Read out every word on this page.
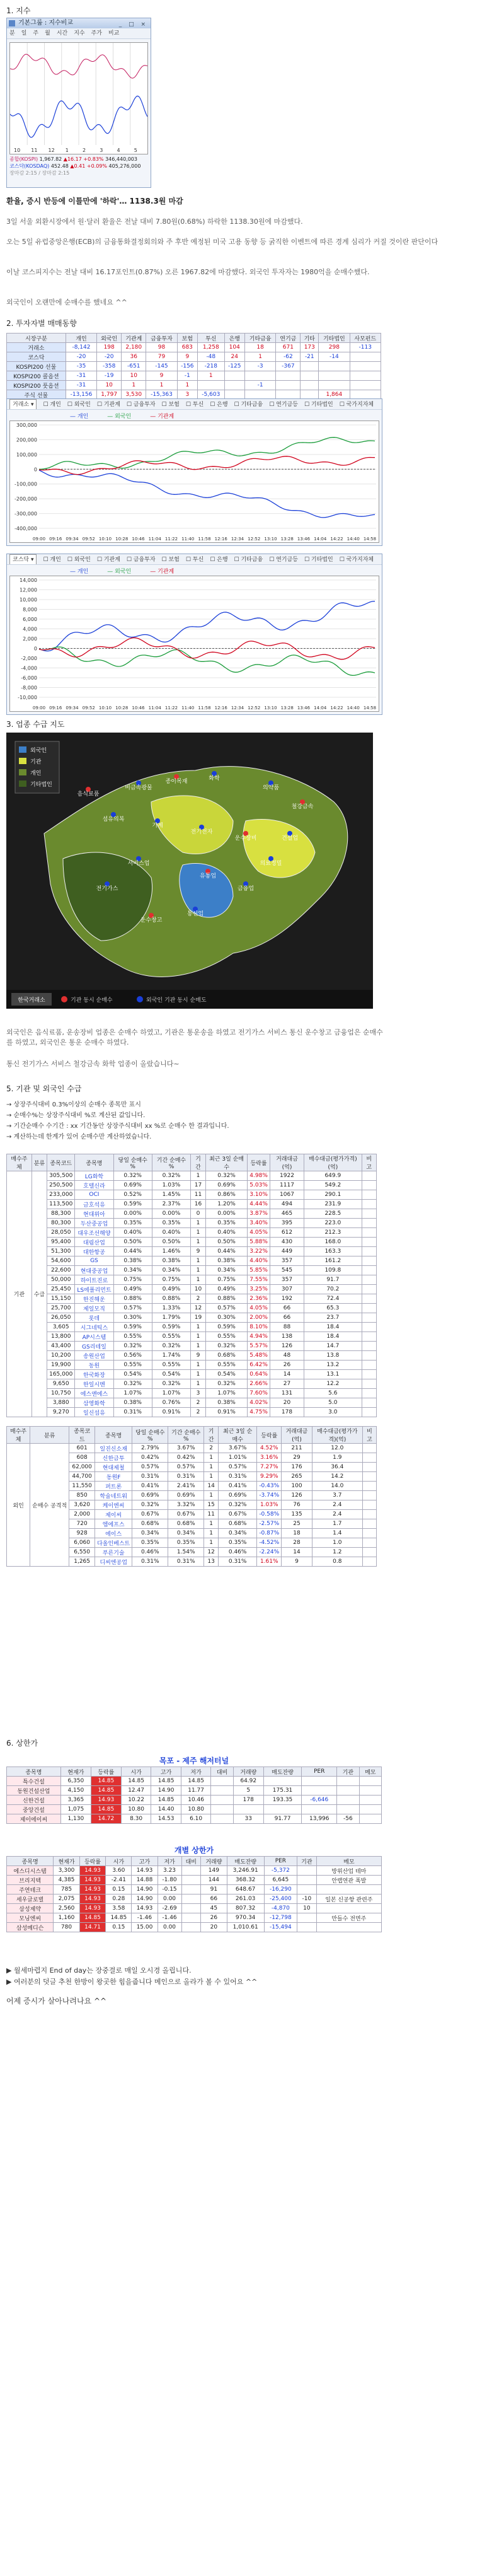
1. 지수
기본그룹 : 지수비교	_ □ ×
분 일 주 월 시간 지수 주가 비교
10 11 12 1	2	3	4	5
종합(KOSPI) 1,967.82 ▲16.17 +0.83% 346,440,003
코스닥(KOSDAQ) 452.48 ▲0.41 +0.09% 405,276,000
장마감 2:15 / 장마감 2:15
환율, 증시 반등에 이틀만에 '하락'… 1138.3원 마감
3일 서울 외환시장에서 원·달러 환율은 전날 대비 7.80원(0.68%) 하락한 1138.30원에 마감했다.
오는 5일 유럽중앙은행(ECB)의 금융통화결정회의와 주 후반 예정된 미국 고용 동향 등 굵직한 이벤트에 따른 경계 심리가 커질 것이란 판단이다
이날 코스피지수는 전날 대비 16.17포인트(0.87%) 오른 1967.82에 마감했다. 외국인 투자자는 1980억을 순매수했다.
외국인이 오랜만에 순매수를 했네요 ^^
2. 투자자별 매매동향
시장구분	개인	외국인	기관계	금융투자	보험	투신	은행	기타금융	연기금	기타	기타법인	사모펀드
거래소	-8,142	198	2,180	98	683	1,258	104	18	671	173	298	-113
코스닥	-20	-20	36	79	9	-48	24	1	-62	-21	-14	
KOSPI200 선물	-35	-358	-651	-145	-156	-218	-125	-3	-367			
KOSPI200 콜옵션	-31	-19	10	9	-1	1						
KOSPI200 풋옵션	-31	10	1	1	1			-1				
주식 선물	-13,156	1,797	3,530	-15,363	3	-5,603					1,864	
거래소 ▾ ☐ 개인 ☐ 외국인 ☐ 기관계 ☐ 금융투자 ☐ 보험 ☐ 투신 ☐ 은행 ☐ 기타금융 ☐ 연기금등 ☐ 기타법인 ☐ 국가지자체
— 개인	— 외국인	— 기관계
300,000
200,000
100,000
0
-100,000
-200,000
-300,000
-400,000
09:00 09:16 09:34 09:52 10:10 10:28 10:46 11:04 11:22 11:40 11:58 12:16 12:34 12:52 13:10 13:28 13:46 14:04 14:22 14:40 14:58
코스닥 ▾ ☐ 개인 ☐ 외국인 ☐ 기관계 ☐ 금융투자 ☐ 보험 ☐ 투신 ☐ 은행 ☐ 기타금융 ☐ 연기금등 ☐ 기타법인 ☐ 국가지자체
— 개인	— 외국인	— 기관계
14,000
12,000
10,000
8,000
6,000
4,000
2,000
0
-2,000
-4,000
-6,000
-8,000
-10,000
09:00 09:16 09:34 09:52 10:10 10:28 10:46 11:04 11:22 11:40 11:58 12:16 12:34 12:52 13:10 13:28 13:46 14:04 14:22 14:40 14:58
3. 업종 수급 지도
음식료품
비금속광물
섬유의복
종이목재	화학
의약품
철강금속
기계
전기전자
운수장비	건설업
서비스업
유통업
금융업
통신업
운수창고
전기가스
의료정밀
외국인
기관
개인
기타법인
한국거래소	기관 동시 순매수	외국인 기관 동시 순매도
외국인은 음식료품, 운송장비 업종은 순매수 하였고, 기관은 통운송을 하였고 전기가스 서비스 통신 운수창고 금융업은 순매수를 하였고, 외국인은 통운 순매수 하였다.
통신 전기가스 서비스 철강금속 화학 업종이 올랐습니다~
5. 기관 및 외국인 수급
→ 상장주식대비 0.3%이상의 순매수 종목만 표시
→ 순매수%는 상장주식대비 %로 계산된 값입니다.
→ 기간순매수 수기간 : xx 기간동안 상장주식대비 xx %로 순매수 한 결과입니다.
→ 계산하는데 한계가 있어 순매수만 계산하였습니다.
매수주체	분류	종목코드	종목명	당일 순매수 %	기간 순매수 %	기간	최근 3일 순매수	등락률	거래대금(억)	매수대금(평가가격)(억)	비고
기관	수급	305,500	LG화학	0.32%	0.32%	1	0.32%	4.98%	1922	649.9	
		250,500	호텔신라	0.69%	1.03%	17	0.69%	5.03%	1117	549.2	
		233,000	OCI	0.52%	1.45%	11	0.86%	3.10%	1067	290.1	
		113,500	금호석유	0.59%	2.37%	16	1.20%	4.44%	494	231.9	
		88,300	현대위아	0.00%	0.00%	0	0.00%	3.87%	465	228.5	
		80,300	두산중공업	0.35%	0.35%	1	0.35%	3.40%	395	223.0	
		28,050	대우조선해양	0.40%	0.40%	1	0.40%	4.05%	612	212.3	
		95,400	대림산업	0.50%	0.50%	1	0.50%	5.88%	430	168.0	
		51,300	대한항공	0.44%	1.46%	9	0.44%	3.22%	449	163.3	
		54,600	GS	0.38%	0.38%	1	0.38%	4.40%	357	161.2	
		22,600	현대중공업	0.34%	0.34%	1	0.34%	5.85%	545	109.8	
		50,000	하이트진로	0.75%	0.75%	1	0.75%	7.55%	357	91.7	
		25,450	LS에폴리먼트	0.49%	0.49%	10	0.49%	3.25%	307	70.2	
		15,150	한진해운	0.88%	0.88%	2	0.88%	2.36%	192	72.4	
		25,700	제일모직	0.57%	1.33%	12	0.57%	4.05%	66	65.3	
		26,050	롯데	0.30%	1.79%	19	0.30%	2.00%	66	23.7	
		3,605	시그네틱스	0.59%	0.59%	1	0.59%	8.10%	88	18.4	
		13,800	AP시스템	0.55%	0.55%	1	0.55%	4.94%	138	18.4	
		43,400	GS리테일	0.32%	0.32%	1	0.32%	5.57%	126	14.7	
		10,200	송원산업	0.56%	1.74%	9	0.68%	5.48%	48	13.8	
		19,900	동원	0.55%	0.55%	1	0.55%	6.42%	26	13.2	
		165,000	한국화장	0.54%	0.54%	1	0.54%	0.64%	14	13.1	
		9,650	한일시멘	0.32%	0.32%	1	0.32%	2.66%	27	12.2	
		10,750	에스앤에스	1.07%	1.07%	3	1.07%	7.60%	131	5.6	
		3,880	삼영화학	0.38%	0.76%	2	0.38%	4.02%	20	5.0	
		9,270	일신섬유	0.31%	0.91%	2	0.91%	4.75%	178	3.0	
매수주체	분류	종목코드	종목명	당일 순매수 %	기간 순매수 %	기간	최근 3일 순매수	등락률	거래대금(억)	매수대금(평가가격)(억)	비고
외인	순매수 공격적	601	일진신소재	2.79%	3.67%	2	3.67%	4.52%	211	12.0	
		608	신한금투	0.42%	0.42%	1	1.01%	3.16%	29	1.9	
		62,000	현대제철	0.57%	0.57%	1	0.57%	7.27%	176	36.4	
		44,700	동원F	0.31%	0.31%	1	0.31%	9.29%	265	14.2	
		11,550	퍼트론	0.41%	2.41%	14	0.41%	-0.43%	100	14.0	
		850	학술네트워	0.69%	0.69%	1	0.69%	-3.74%	126	3.7	
		3,620	케이엔씨	0.32%	3.32%	15	0.32%	1.03%	76	2.4	
		2,000	제이씨	0.67%	0.67%	11	0.67%	-0.58%	135	2.4	
		720	엠에프스	0.68%	0.68%	1	0.68%	-2.57%	25	1.7	
		928	에이스	0.34%	0.34%	1	0.34%	-0.87%	18	1.4	
		6,060	다올인베스트	0.35%	0.35%	1	0.35%	-4.52%	28	1.0	
		6,550	푸른기술	0.46%	1.54%	12	0.46%	-2.24%	14	1.2	
		1,265	디씨엔공업	0.31%	0.31%	13	0.31%	1.61%	9	0.8	
6. 상한가
목포 - 제주 해저터널
종목명	현재가	등락률	시가	고가	저가	대비	거래량	매도잔량	PER	기관	메모
특수건설	6,350	14.85	14.85	14.85	14.85		64.92				
동원건설산업	4,150	14.85	12.47	14.90	11.77		5	175.31			
신한건설	3,365	14.93	10.22	14.85	10.46		178	193.35	-6,646		
중앙건설	1,075	14.85	10.80	14.40	10.80						
제이에이씨	1,130	14.72	8.30	14.53	6.10		33	91.77	13,996	-56	
개별 상한가
종목명	현재가	등락률	시가	고가	저가	대비	거래량	매도잔량	PER	기관	메모
에스디시스템	3,300	14.93	3.60	14.93	3.23		149	3,246.91	-5,372		방위산업 테마
브리지텍	4,385	14.93	-2.41	14.88	-1.80		144	368.32	6,645		안랩연관 폭발
주연테크	785	14.93	0.15	14.90	-0.15		91	648.67	-16,290		
세우글로벌	2,075	14.93	0.28	14.90	0.00		66	261.03	-25,400	-10	일본 신공항 관련주
삼성제약	2,560	14.93	3.58	14.93	-2.69		45	807.32	-4,870	10	
모닝엔씨	1,160	14.85	14.85	-1.46	-1.46		26	970.34	-12,798		만들수 전면주
삼성메디슨	780	14.71	0.15	15.00	0.00		20	1,010.61	-15,494		
▶ 월세마렵지 End of day는 장중결로 매일 오시경 올립니다.
▶ 여러분의 덧글 추천 한방이 왕곳한 힘을줍니다 메인으로 올라가 볼 수 있어요 ^^
어제 증시가 살아나려나요 ^^
